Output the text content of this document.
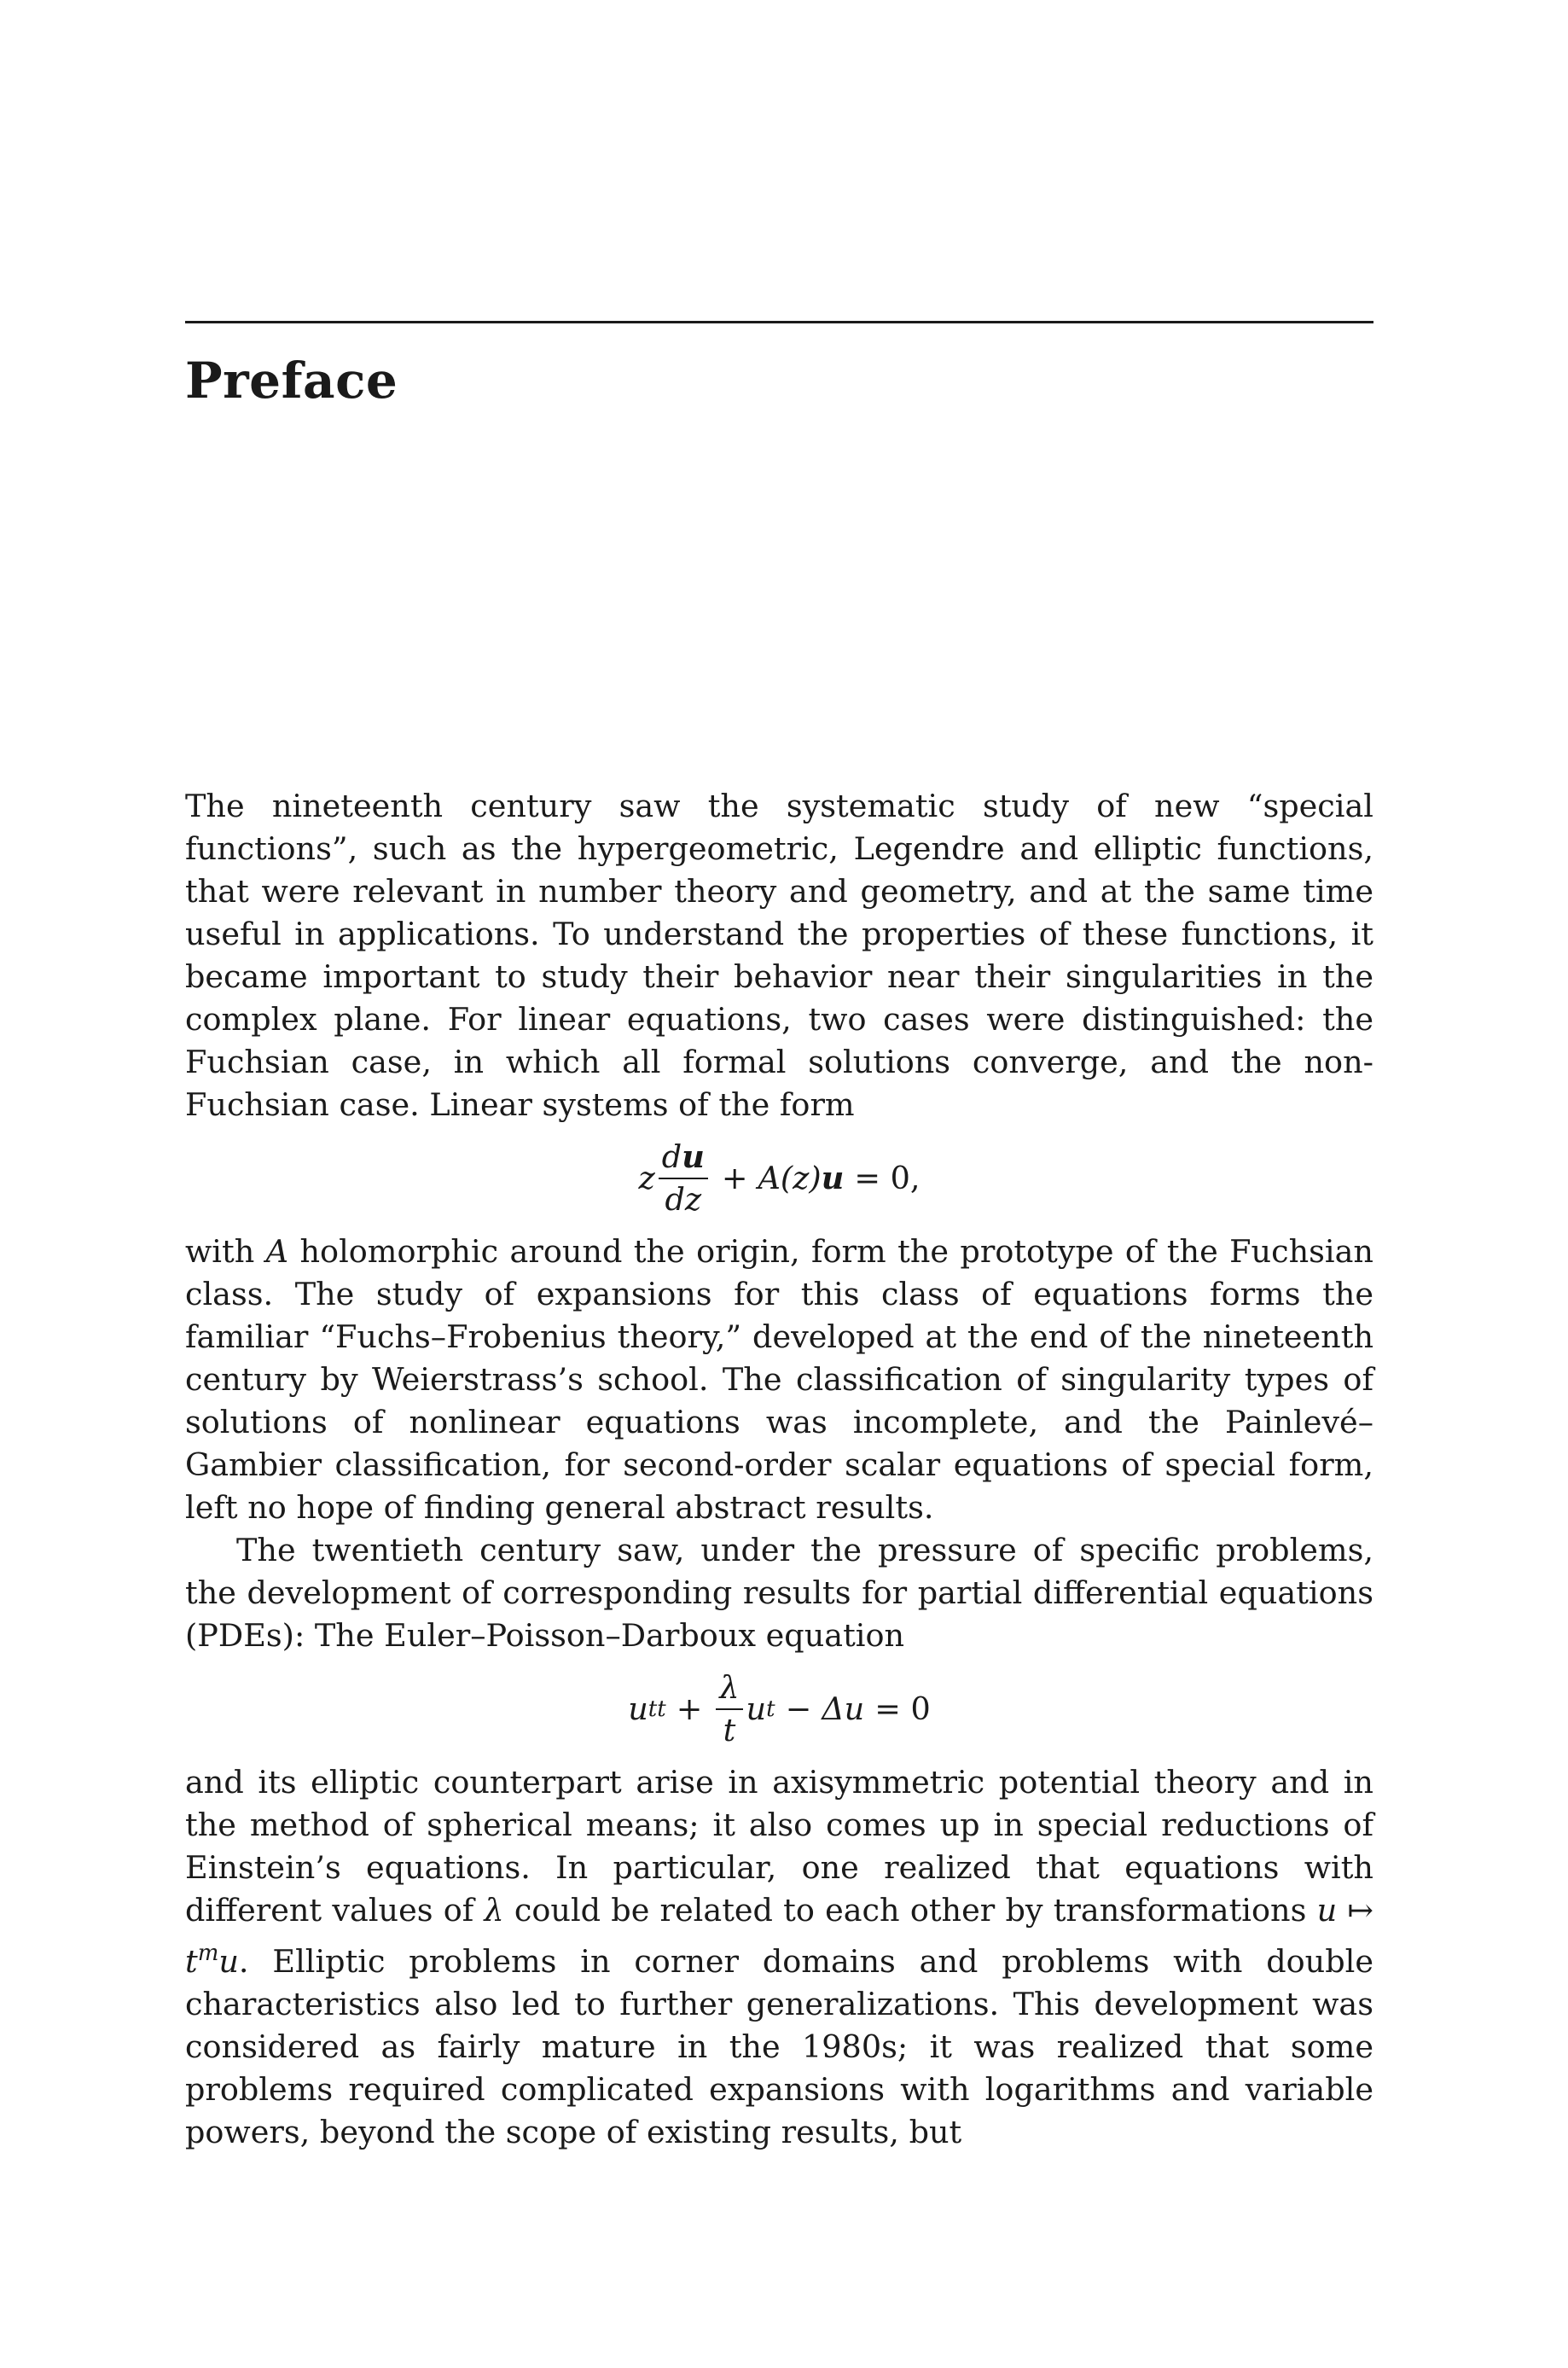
Preface

The nineteenth century saw the systematic study of new “special functions”, such as the hypergeometric, Legendre and elliptic functions, that were relevant in number theory and geometry, and at the same time useful in applications. To understand the properties of these functions, it became important to study their behavior near their singularities in the complex plane. For linear equations, two cases were distinguished: the Fuchsian case, in which all formal solutions converge, and the non-Fuchsian case. Linear systems of the form

z $\frac{du}{dz} + A$ (z) u = 0,

with A holomorphic around the origin, form the prototype of the Fuchsian class. The study of expansions for this class of equations forms the familiar “Fuchs–Frobenius theory,” developed at the end of the nineteenth century by Weierstrass’s school. The classification of singularity types of solutions of nonlinear equations was incomplete, and the Painlevé–Gambier classification, for second-order scalar equations of special form, left no hope of finding general abstract results.

The twentieth century saw, under the pressure of specific problems, the development of corresponding results for partial differential equations (PDEs): The Euler–Poisson–Darboux equation

u tt + $\frac{\lambda}{t}$ u t − Δu = 0

and its elliptic counterpart arise in axisymmetric potential theory and in the method of spherical means; it also comes up in special reductions of Einstein’s equations. In particular, one realized that equations with different values of λ could be related to each other by transformations u ↦ $t^mu$. Elliptic problems in corner domains and problems with double characteristics also led to further generalizations. This development was considered as fairly mature in the 1980s; it was realized that some problems required complicated expansions with logarithms and variable powers, beyond the scope of existing results, but
